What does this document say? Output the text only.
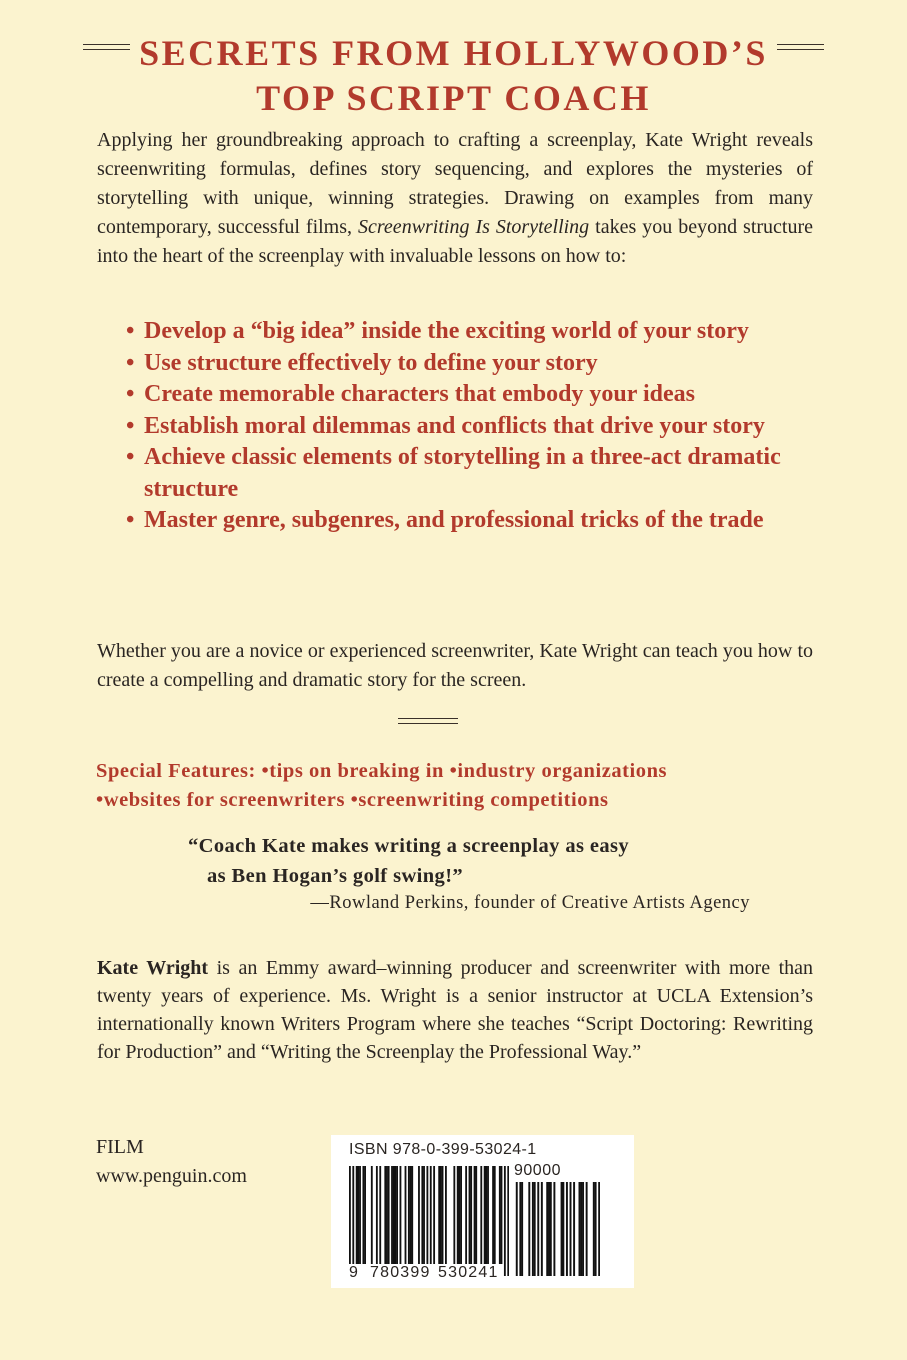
SECRETS FROM HOLLYWOOD’S
TOP SCRIPT COACH
Applying her groundbreaking approach to crafting a screenplay, Kate Wright reveals screenwriting formulas, defines story sequencing, and explores the mysteries of storytelling with unique, winning strategies. Drawing on examples from many contemporary, successful films, Screenwriting Is Storytelling takes you beyond structure into the heart of the screenplay with invaluable lessons on how to:
• Develop a “big idea” inside the exciting world of your story
• Use structure effectively to define your story
• Create memorable characters that embody your ideas
• Establish moral dilemmas and conflicts that drive your story
• Achieve classic elements of storytelling in a three-act dramatic structure
• Master genre, subgenres, and professional tricks of the trade
Whether you are a novice or experienced screenwriter, Kate Wright can teach you how to create a compelling and dramatic story for the screen.
Special Features: •tips on breaking in •industry organizations
•websites for screenwriters •screenwriting competitions
“Coach Kate makes writing a screenplay as easy
as Ben Hogan’s golf swing!”
—Rowland Perkins, founder of Creative Artists Agency
Kate Wright is an Emmy award–winning producer and screenwriter with more than twenty years of experience. Ms. Wright is a senior instructor at UCLA Extension’s internationally known Writers Program where she teaches “Script Doctoring: Rewriting for Production” and “Writing the Screenplay the Professional Way.”
FILM
www.penguin.com
ISBN 978-0-399-53024-1
90000
9 780399 530241
